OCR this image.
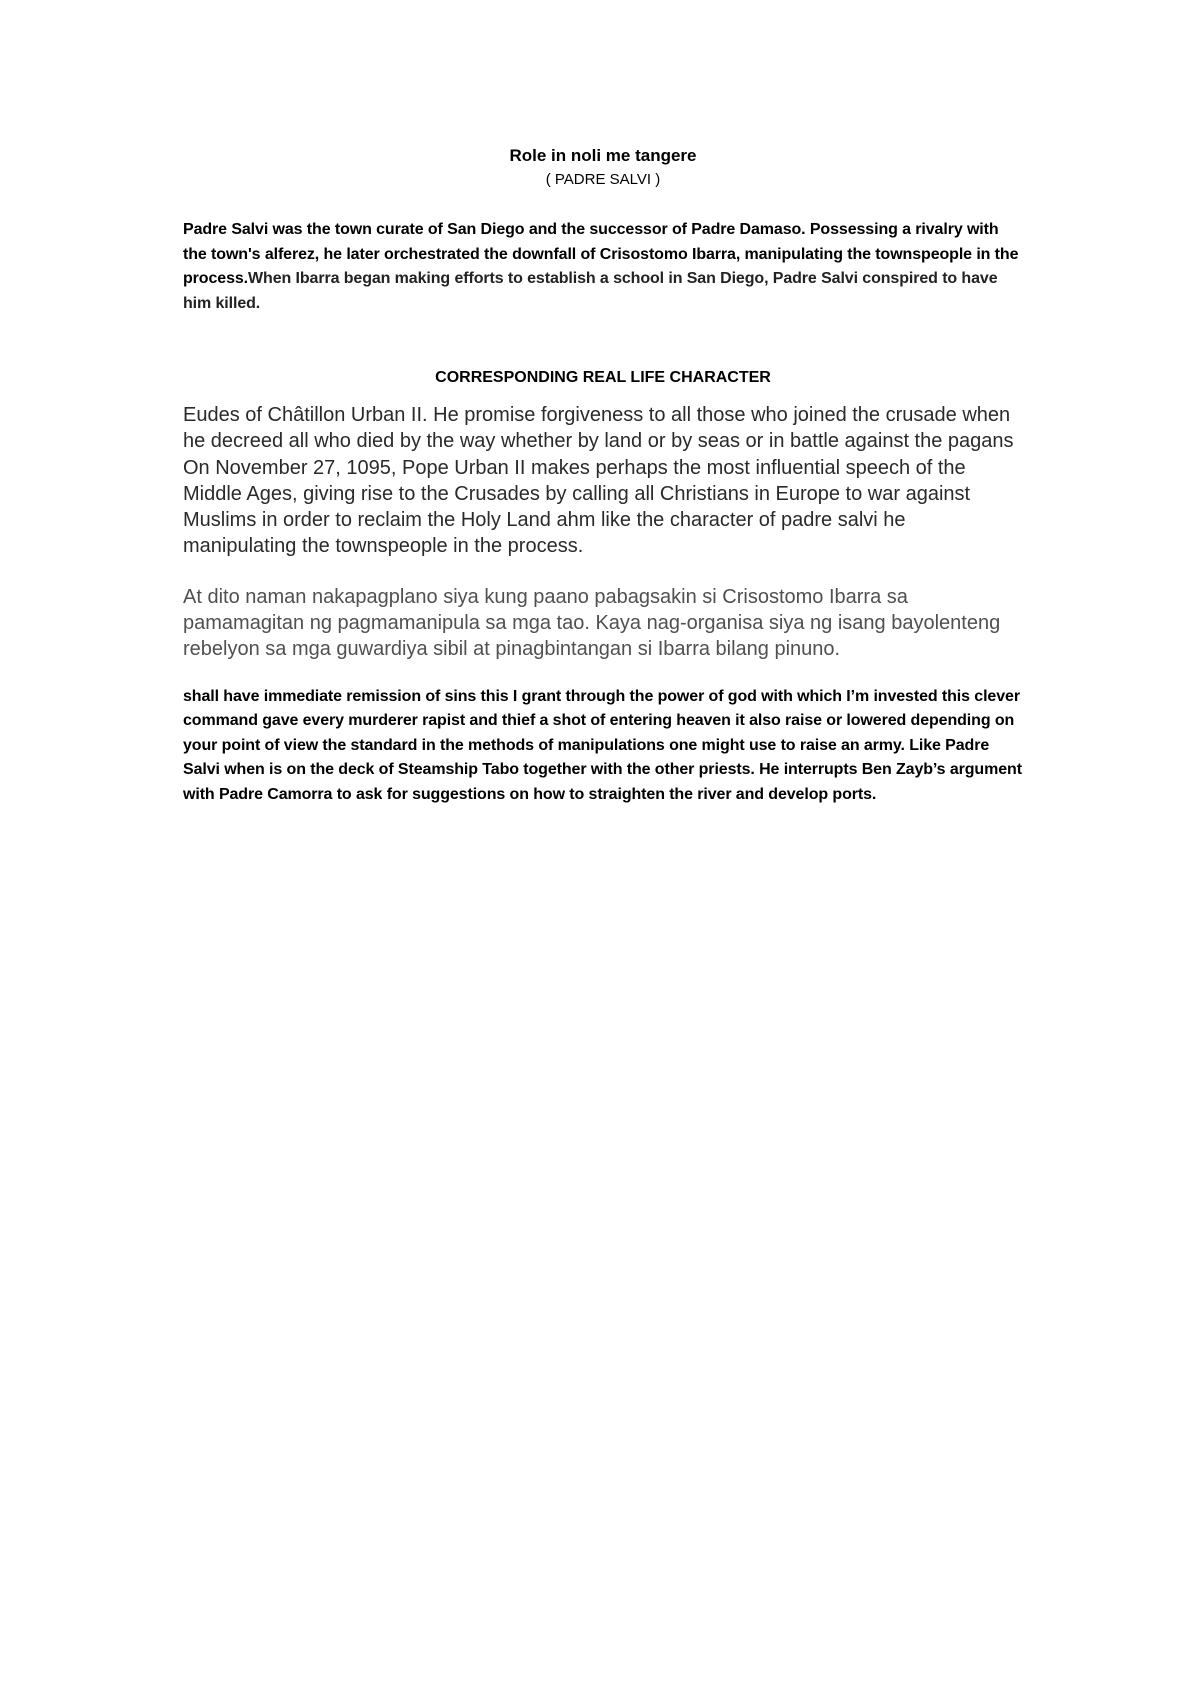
Role in noli me tangere

( PADRE SALVI )

Padre Salvi was the town curate of San Diego and the successor of Padre Damaso. Possessing a rivalry with the town's alferez, he later orchestrated the downfall of Crisostomo Ibarra, manipulating the townspeople in the process.When Ibarra began making efforts to establish a school in San Diego, Padre Salvi conspired to have him killed.

CORRESPONDING REAL LIFE CHARACTER

Eudes of Châtillon Urban II. He promise forgiveness to all those who joined the crusade when he decreed all who died by the way whether by land or by seas or in battle against the pagans

On November 27, 1095, Pope Urban II makes perhaps the most influential speech of the Middle Ages, giving rise to the Crusades by calling all Christians in Europe to war against Muslims in order to reclaim the Holy Land ahm like the character of padre salvi he manipulating the townspeople in the process.

At dito naman nakapagplano siya kung paano pabagsakin si Crisostomo Ibarra sa pamamagitan ng pagmamanipula sa mga tao. Kaya nag-organisa siya ng isang bayolenteng rebelyon sa mga guwardiya sibil at pinagbintangan si Ibarra bilang pinuno.

shall have immediate remission of sins this I grant through the power of god with which I’m invested this clever command gave every murderer rapist and thief a shot of entering heaven it also raise or lowered depending on your point of view the standard in the methods of manipulations one might use to raise an army. Like Padre Salvi when is on the deck of Steamship Tabo together with the other priests. He interrupts Ben Zayb’s argument with Padre Camorra to ask for suggestions on how to straighten the river and develop ports.
